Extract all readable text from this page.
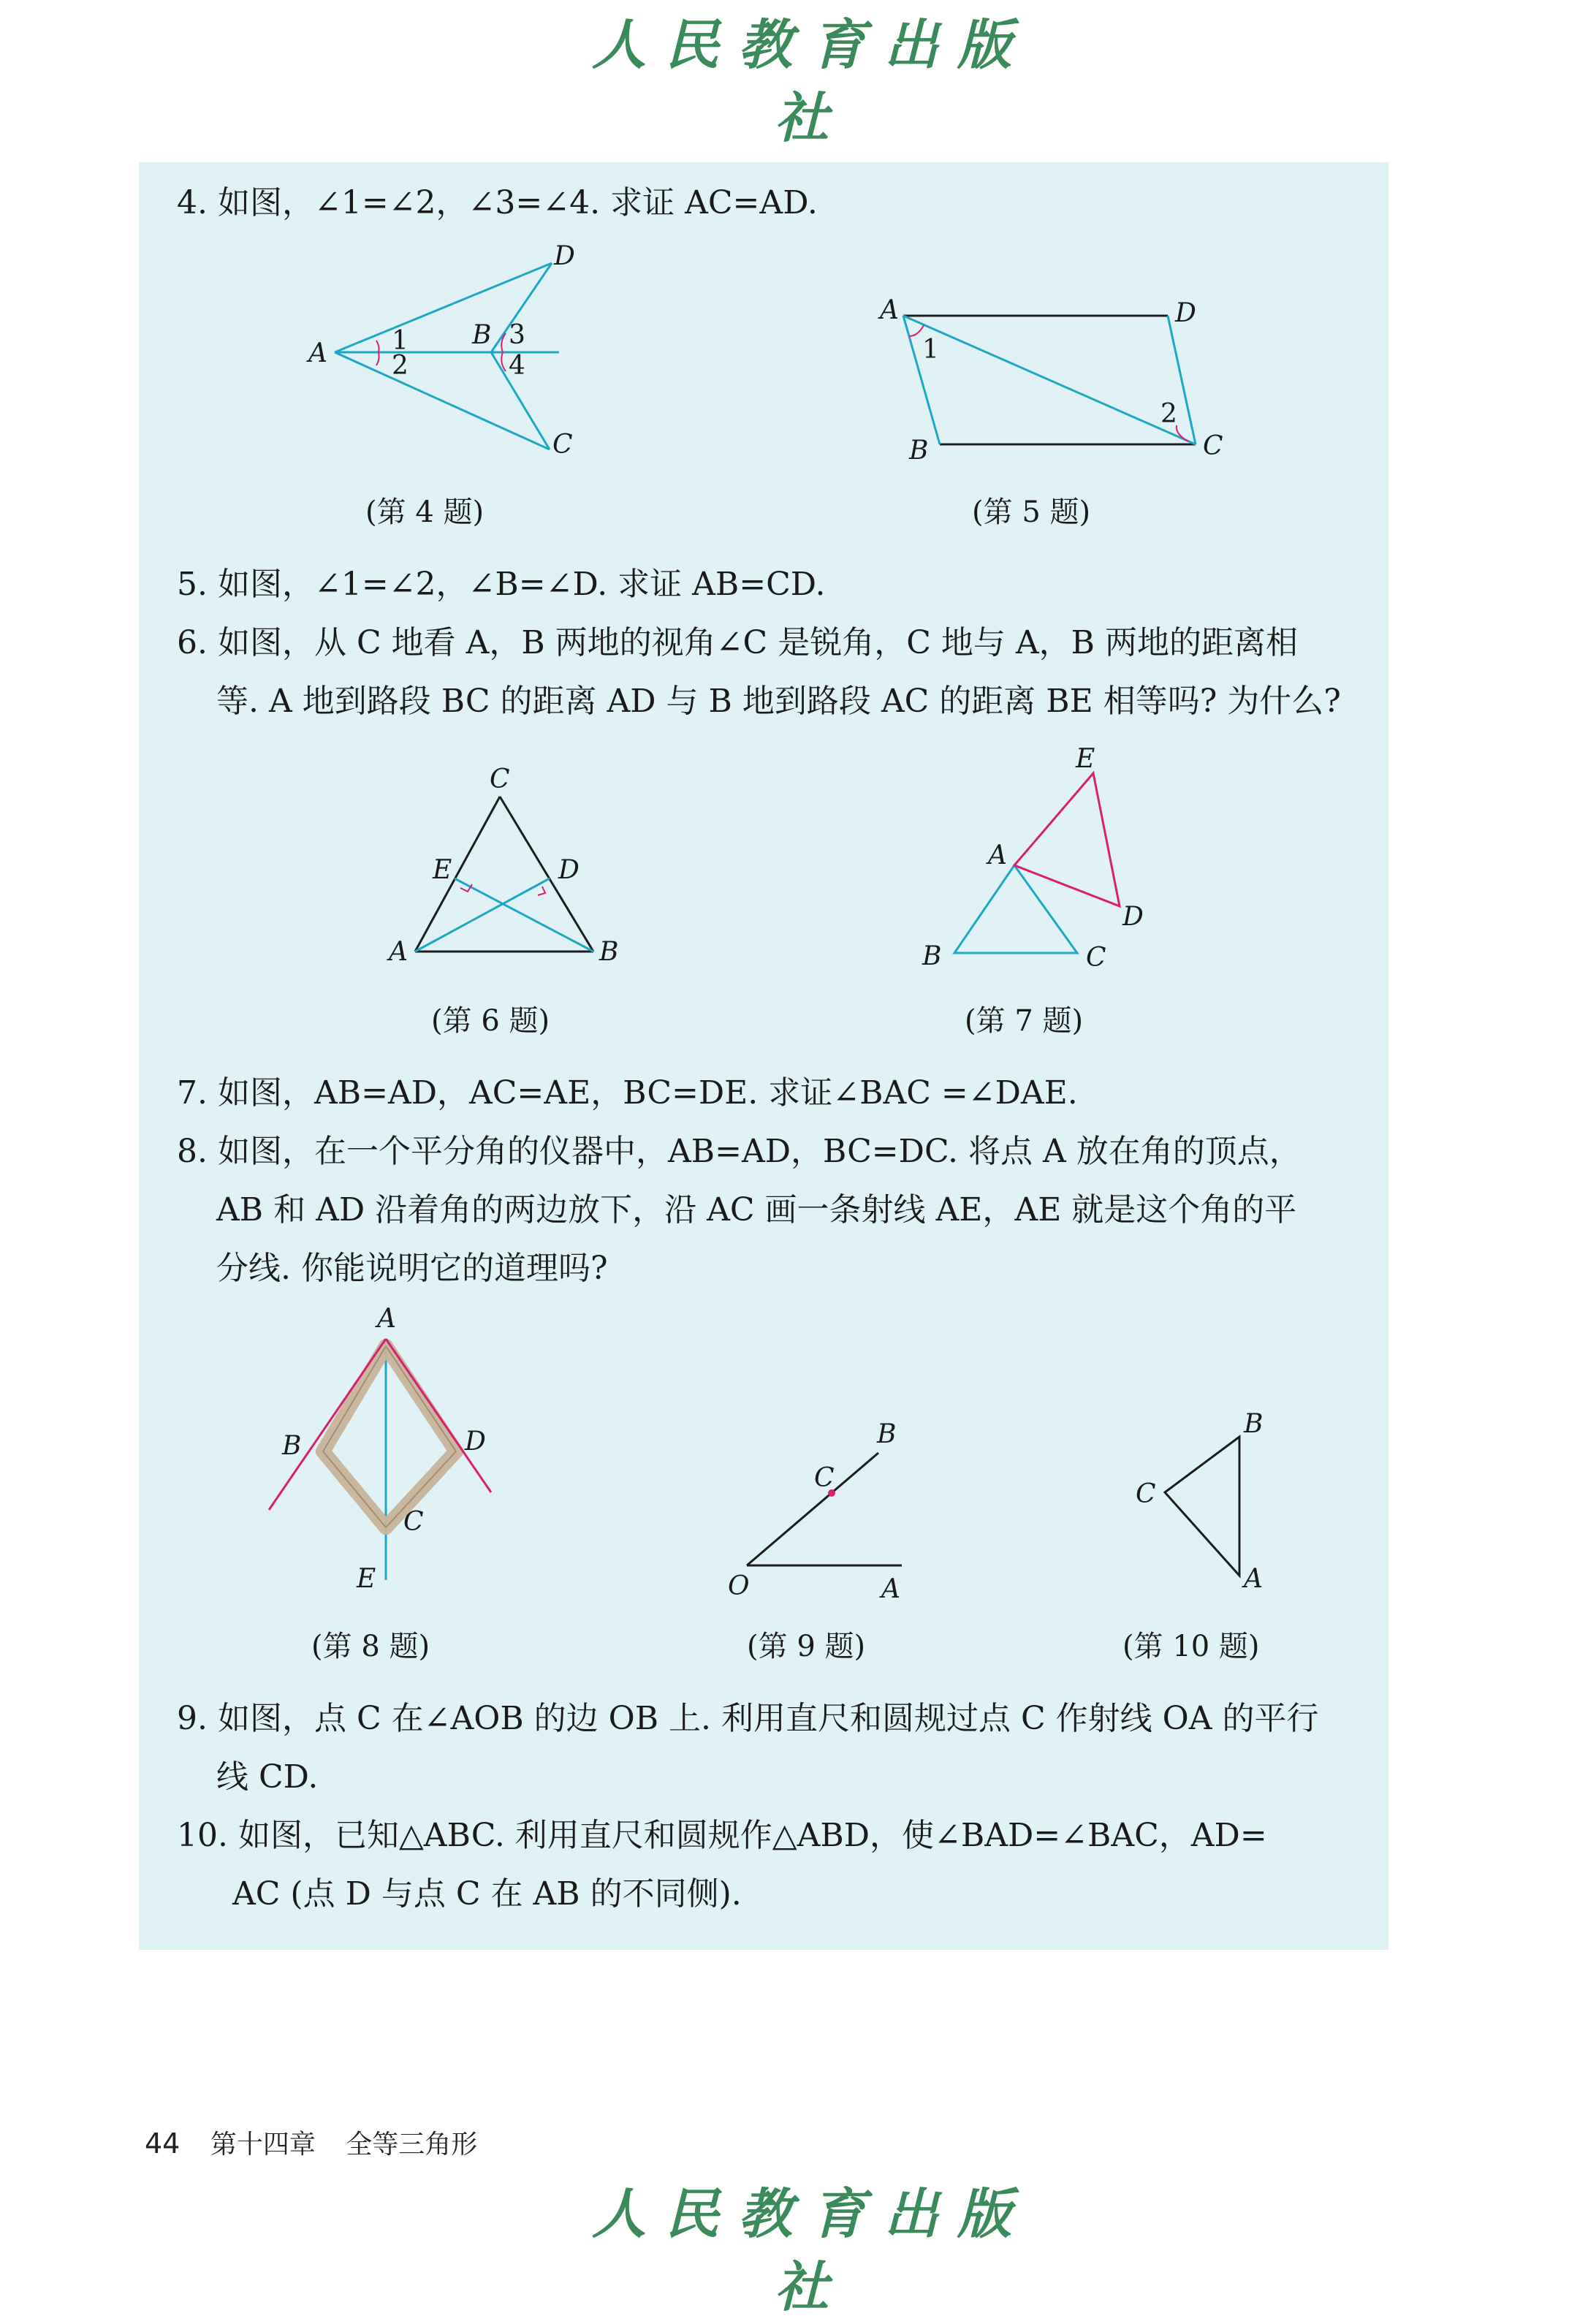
人民教育出版社
4. 如图，∠1=∠2，∠3=∠4. 求证 AC=AD.
A 1
2
B 3
4
D
C
A
1
D
B
2
C
(第 4 题)	(第 5 题)
5. 如图，∠1=∠2，∠B=∠D. 求证 AB=CD.
6. 如图，从 C 地看 A，B 两地的视角∠C 是锐角，C 地与 A，B 两地的距离相
等. A 地到路段 BC 的距离 AD 与 B 地到路段 AC 的距离 BE 相等吗? 为什么?
C
E	D
A	B
E
A
D
B	C
(第 6 题)	(第 7 题)
7. 如图，AB=AD，AC=AE，BC=DE. 求证∠BAC =∠DAE.
8. 如图，在一个平分角的仪器中，AB=AD，BC=DC. 将点 A 放在角的顶点，
AB 和 AD 沿着角的两边放下，沿 AC 画一条射线 AE，AE 就是这个角的平
分线. 你能说明它的道理吗?
A
B	D
C
E
B
C
O	A
B
C
A
(第 8 题)	(第 9 题)	(第 10 题)
9. 如图，点 C 在∠AOB 的边 OB 上. 利用直尺和圆规过点 C 作射线 OA 的平行
线 CD.
10. 如图，已知△ABC. 利用直尺和圆规作△ABD，使∠BAD=∠BAC，AD=
AC (点 D 与点 C 在 AB 的不同侧).
44 第十四章 全等三角形
人民教育出版社
